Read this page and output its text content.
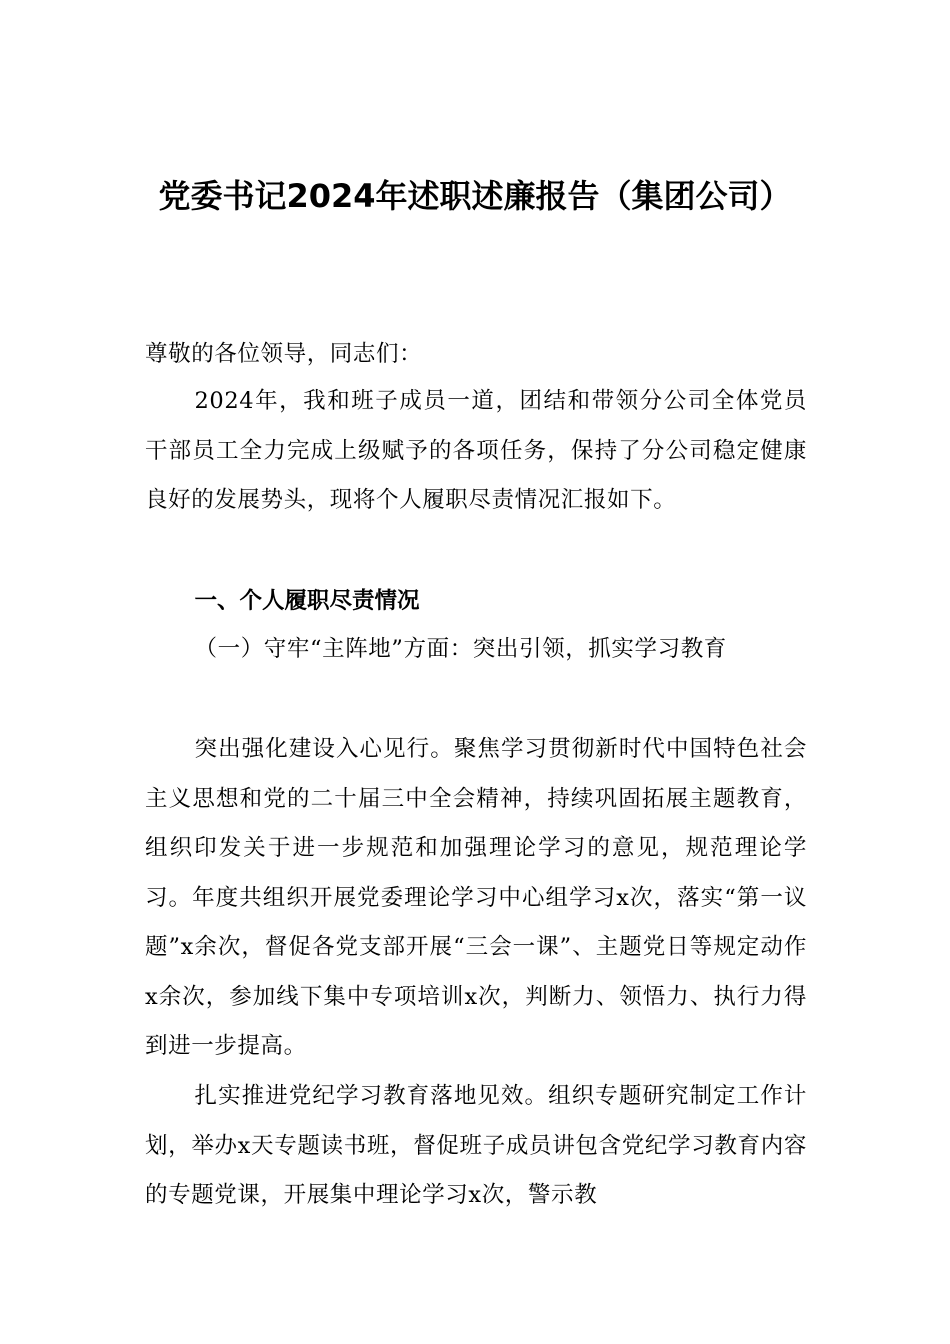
党委书记2024年述职述廉报告（集团公司）
尊敬的各位领导，同志们：
2024年，我和班子成员一道，团结和带领分公司全体党员干部员工全力完成上级赋予的各项任务，保持了分公司稳定健康良好的发展势头，现将个人履职尽责情况汇报如下。
一、个人履职尽责情况
（一）守牢“主阵地”方面：突出引领，抓实学习教育
突出强化建设入心见行。聚焦学习贯彻新时代中国特色社会主义思想和党的二十届三中全会精神，持续巩固拓展主题教育，组织印发关于进一步规范和加强理论学习的意见，规范理论学习。年度共组织开展党委理论学习中心组学习x次，落实“第一议题”x余次，督促各党支部开展“三会一课”、主题党日等规定动作x余次，参加线下集中专项培训x次，判断力、领悟力、执行力得到进一步提高。
扎实推进党纪学习教育落地见效。组织专题研究制定工作计划，举办x天专题读书班，督促班子成员讲包含党纪学习教育内容的专题党课，开展集中理论学习x次，警示教
